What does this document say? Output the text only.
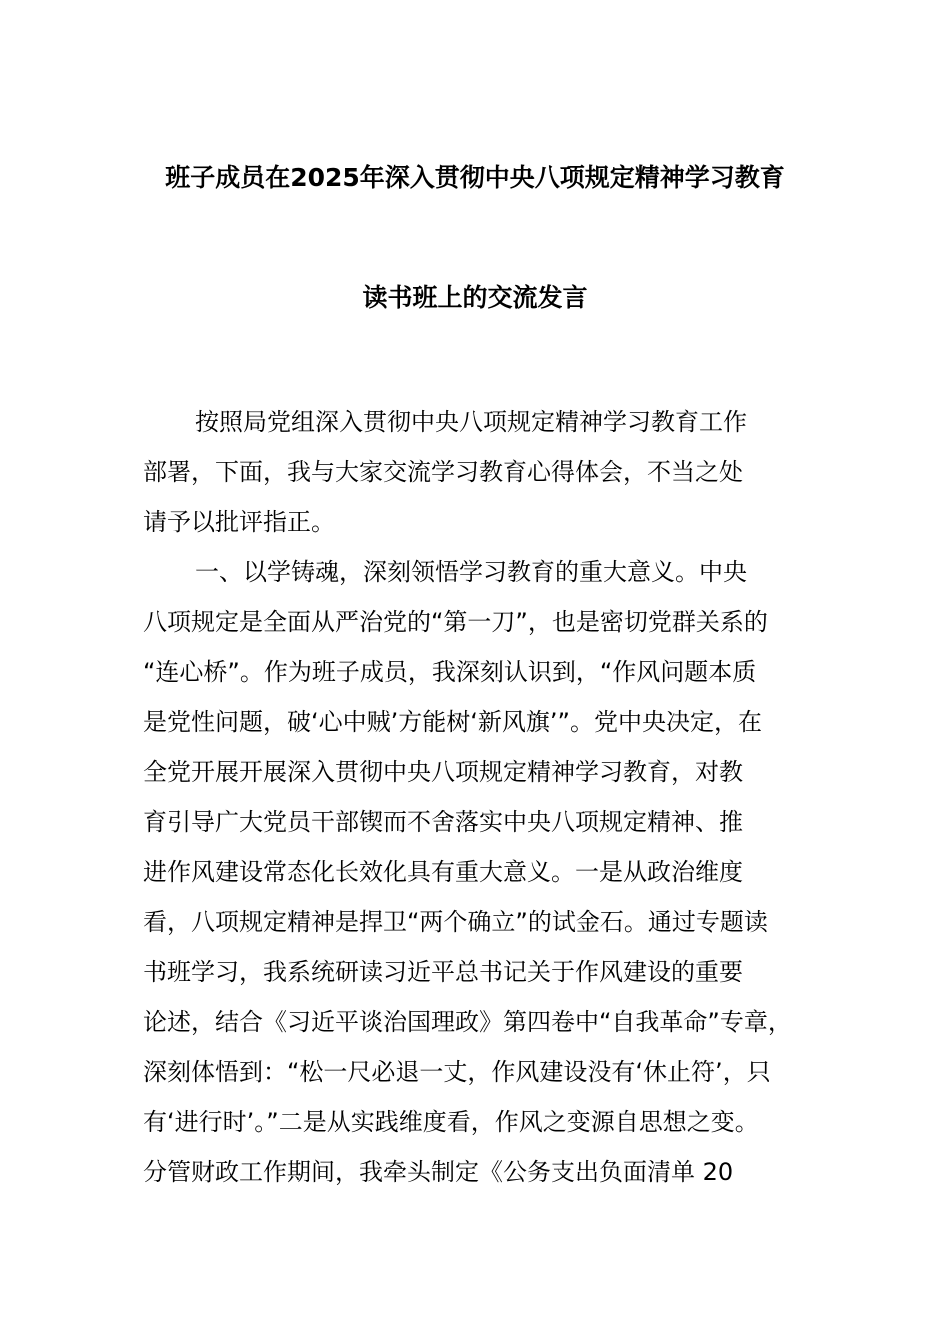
班子成员在2025年深入贯彻中央八项规定精神学习教育
读书班上的交流发言
按照局党组深入贯彻中央八项规定精神学习教育工作
部署，下面，我与大家交流学习教育心得体会，不当之处
请予以批评指正。
一、以学铸魂，深刻领悟学习教育的重大意义。中央
八项规定是全面从严治党的“第一刀”，也是密切党群关系的
“连心桥”。作为班子成员，我深刻认识到，“作风问题本质
是党性问题，破‘心中贼’方能树‘新风旗’”。党中央决定，在
全党开展开展深入贯彻中央八项规定精神学习教育，对教
育引导广大党员干部锲而不舍落实中央八项规定精神、推
进作风建设常态化长效化具有重大意义。一是从政治维度
看，八项规定精神是捍卫“两个确立”的试金石。通过专题读
书班学习，我系统研读习近平总书记关于作风建设的重要
论述，结合《习近平谈治国理政》第四卷中“自我革命”专章，
深刻体悟到：“松一尺必退一丈，作风建设没有‘休止符’，只
有‘进行时’。”二是从实践维度看，作风之变源自思想之变。
分管财政工作期间，我牵头制定《公务支出负面清单 20
